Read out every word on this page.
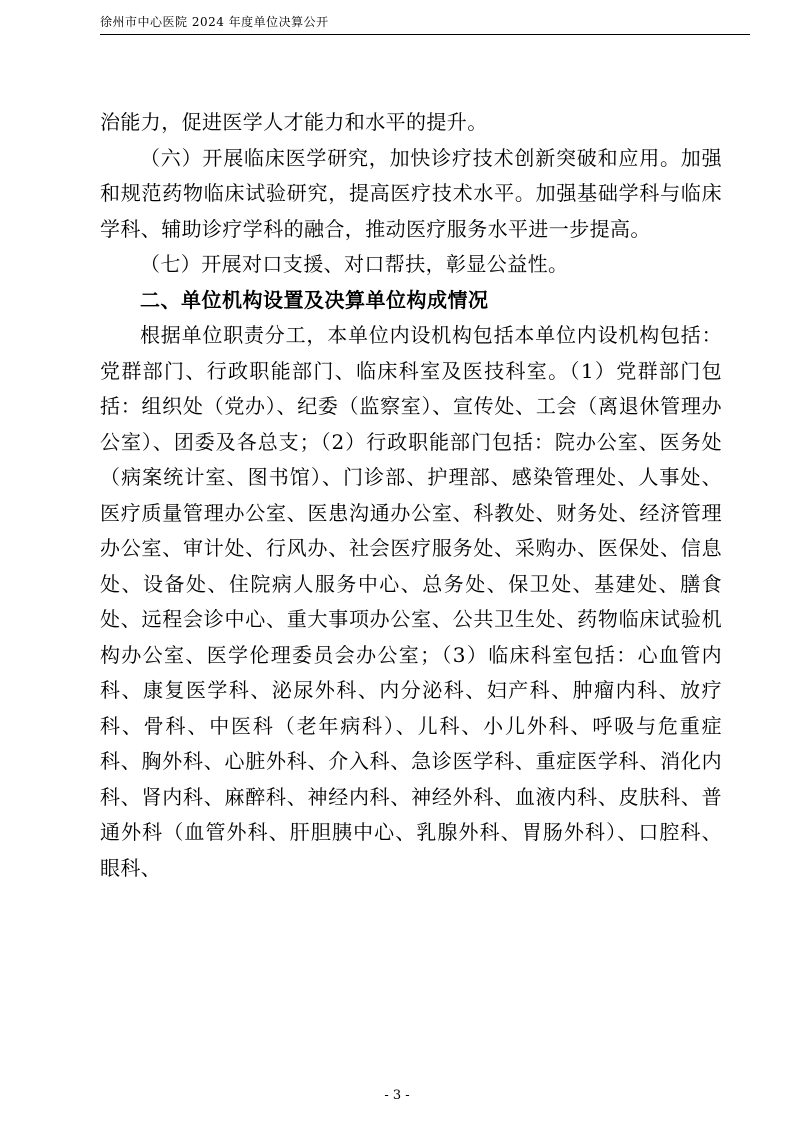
徐州市中心医院 2024 年度单位决算公开

治能力，促进医学人才能力和水平的提升。

（六）开展临床医学研究，加快诊疗技术创新突破和应用。加强和规范药物临床试验研究，提高医疗技术水平。加强基础学科与临床学科、辅助诊疗学科的融合，推动医疗服务水平进一步提高。

（七）开展对口支援、对口帮扶，彰显公益性。

二、单位机构设置及决算单位构成情况

根据单位职责分工，本单位内设机构包括本单位内设机构包括：党群部门、行政职能部门、临床科室及医技科室。（1）党群部门包括：组织处（党办）、纪委（监察室）、宣传处、工会（离退休管理办公室）、团委及各总支；（2）行政职能部门包括：院办公室、医务处（病案统计室、图书馆）、门诊部、护理部、感染管理处、人事处、医疗质量管理办公室、医患沟通办公室、科教处、财务处、经济管理办公室、审计处、行风办、社会医疗服务处、采购办、医保处、信息处、设备处、住院病人服务中心、总务处、保卫处、基建处、膳食处、远程会诊中心、重大事项办公室、公共卫生处、药物临床试验机构办公室、医学伦理委员会办公室；（3）临床科室包括：心血管内科、康复医学科、泌尿外科、内分泌科、妇产科、肿瘤内科、放疗科、骨科、中医科（老年病科）、儿科、小儿外科、呼吸与危重症科、胸外科、心脏外科、介入科、急诊医学科、重症医学科、消化内科、肾内科、麻醉科、神经内科、神经外科、血液内科、皮肤科、普通外科（血管外科、肝胆胰中心、乳腺外科、胃肠外科）、口腔科、眼科、

- 3 -
